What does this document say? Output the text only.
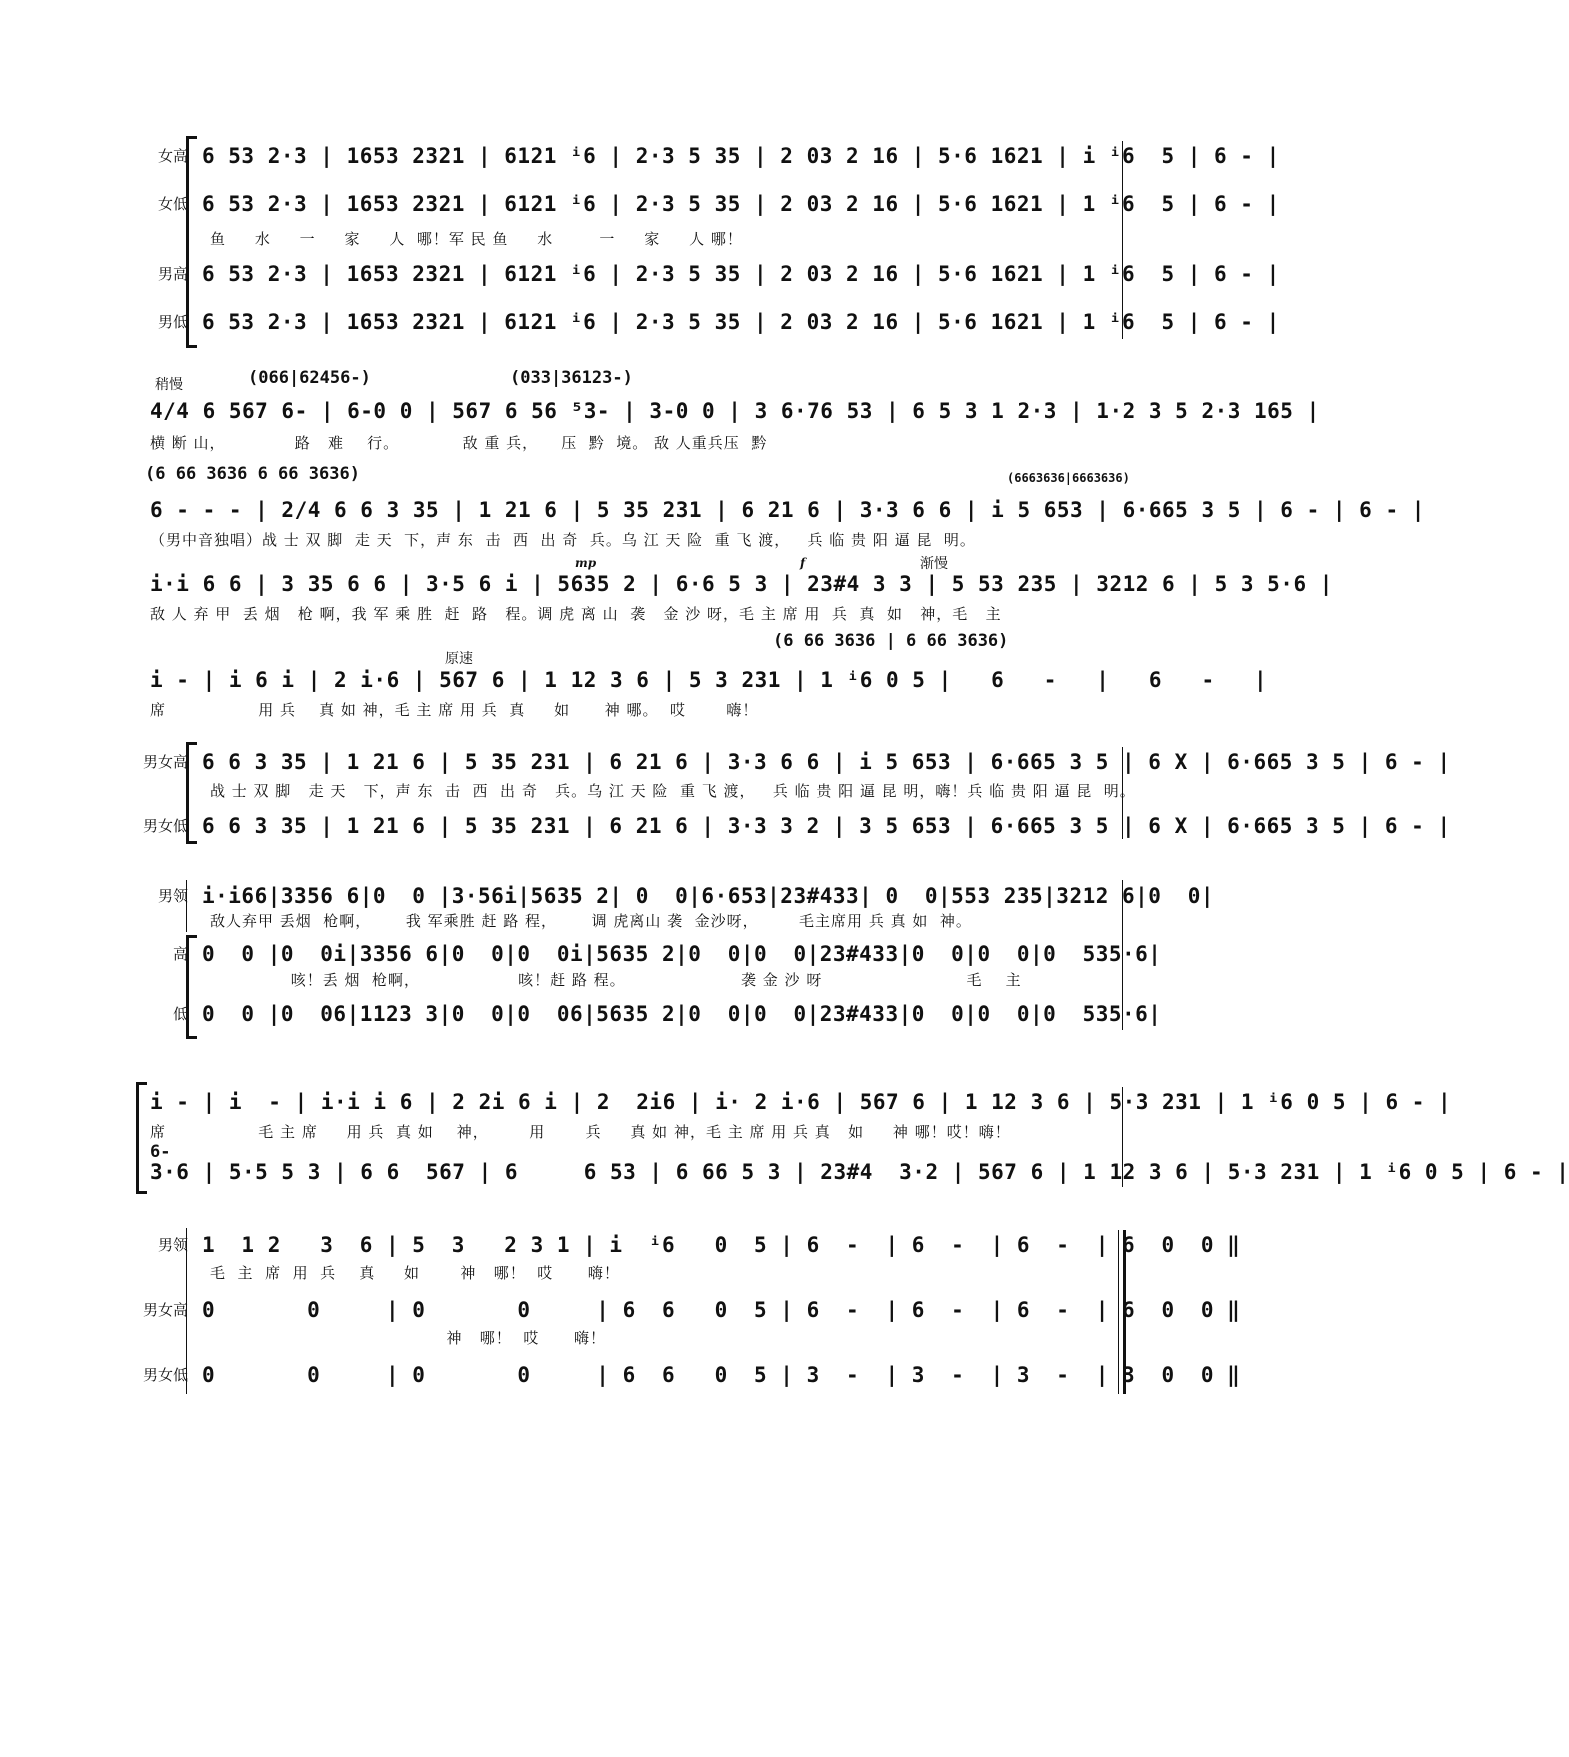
女高 6 53 2·3 | 1653 2321 | 6121 ⁱ6 | 2·3 5 35 | 2 03 2 16 | 5·6 1621 | i ⁱ6  5 | 6 - |
女低 6 53 2·3 | 1653 2321 | 6121 ⁱ6 | 2·3 5 35 | 2 03 2 16 | 5·6 1621 | 1 ⁱ6  5 | 6 - |
鱼     水     一     家     人  哪！军 民 鱼     水        一     家     人 哪！
男高 6 53 2·3 | 1653 2321 | 6121 ⁱ6 | 2·3 5 35 | 2 03 2 16 | 5·6 1621 | 1 ⁱ6  5 | 6 - |
男低 6 53 2·3 | 1653 2321 | 6121 ⁱ6 | 2·3 5 35 | 2 03 2 16 | 5·6 1621 | 1 ⁱ6  5 | 6 - |
稍慢	(066|62456-)	(033|36123-)
4/4 6 567 6- | 6-0 0 | 567 6 56 ⁵3- | 3-0 0 | 3 6·76 53 | 6 5 3 1 2·3 | 1·2 3 5 2·3 165 |
横 断 山，            路   难    行。           敌 重 兵，    压  黔  境。 敌 人重兵压  黔
(6 66 3636 6 66 3636)	(6663636|6663636)
6 - - - | 2/4 6 6 3 35 | 1 21 6 | 5 35 231 | 6 21 6 | 3·3 6 6 | i 5 653 | 6·665 3 5 | 6 - | 6 - |
（男中音独唱）战 士 双 脚  走 天  下，声 东  击  西  出 奇  兵。乌 江 天 险  重 飞 渡，   兵 临 贵 阳 逼 昆  明。
mp	f	渐慢
i·i 6 6 | 3 35 6 6 | 3·5 6 i | 5635 2 | 6·6 5 3 | 23#4 3 3 | 5 53 235 | 3212 6 | 5 3 5·6 |
敌 人 弃 甲  丢 烟   枪 啊，我 军 乘 胜  赶  路   程。调 虎 离 山  袭   金 沙 呀，毛 主 席 用  兵  真  如   神，毛   主
(6 66 3636 | 6 66 3636)
原速
i - | i 6 i | 2 i·6 | 567 6 | 1 12 3 6 | 5 3 231 | 1 ⁱ6 0 5 |   6   -   |   6   -   |
席                用 兵    真 如 神，毛 主 席 用 兵  真     如      神 哪。  哎       嗨！
男女高 6 6 3 35 | 1 21 6 | 5 35 231 | 6 21 6 | 3·3 6 6 | i 5 653 | 6·665 3 5 | 6 X | 6·665 3 5 | 6 - |
战 士 双 脚   走 天   下，声 东  击  西  出 奇   兵。乌 江 天 险  重 飞 渡，   兵 临 贵 阳 逼 昆 明，嗨！兵 临 贵 阳 逼 昆  明。
男女低 6 6 3 35 | 1 21 6 | 5 35 231 | 6 21 6 | 3·3 3 2 | 3 5 653 | 6·665 3 5 | 6 X | 6·665 3 5 | 6 - |
男领 i·i66|3356 6|0  0 |3·56i|5635 2| 0  0|6·653|23#433| 0  0|553 235|3212 6|0  0|
敌人弃甲 丢烟  枪啊，      我 军乘胜 赶 路 程，      调 虎离山 袭  金沙呀，       毛主席用 兵 真 如  神。
高 0  0 |0  0i|3356 6|0  0|0  0i|5635 2|0  0|0  0|23#433|0  0|0  0|0  535·6|
咳！丢 烟  枪啊，                 咳！赶 路 程。                    袭 金 沙 呀                         毛    主
低 0  0 |0  06|1123 3|0  0|0  06|5635 2|0  0|0  0|23#433|0  0|0  0|0  535·6|
i - | i  - | i·i i 6 | 2 2i 6 i | 2  2i6 | i· 2 i·6 | 567 6 | 1 12 3 6 | 5·3 231 | 1 ⁱ6 0 5 | 6 - |
席                毛 主 席     用 兵  真 如    神，       用       兵     真 如 神，毛 主 席 用 兵 真   如     神 哪！哎！嗨！
6-
3·6 | 5·5 5 3 | 6 6  567 | 6     6 53 | 6 66 5 3 | 23#4  3·2 | 567 6 | 1 12 3 6 | 5·3 231 | 1 ⁱ6 0 5 | 6 - |
男领 1  1 2   3  6 | 5  3   2 3 1 | i  ⁱ6   0  5 | 6  -  | 6  -  | 6  -  | 6  0  0 ‖
毛  主  席  用  兵    真     如       神   哪！  哎      嗨！
男女高 0       0     | 0       0     | 6  6   0  5 | 6  -  | 6  -  | 6  -  | 6  0  0 ‖
神   哪！  哎      嗨！
男女低 0       0     | 0       0     | 6  6   0  5 | 3  -  | 3  -  | 3  -  | 3  0  0 ‖
